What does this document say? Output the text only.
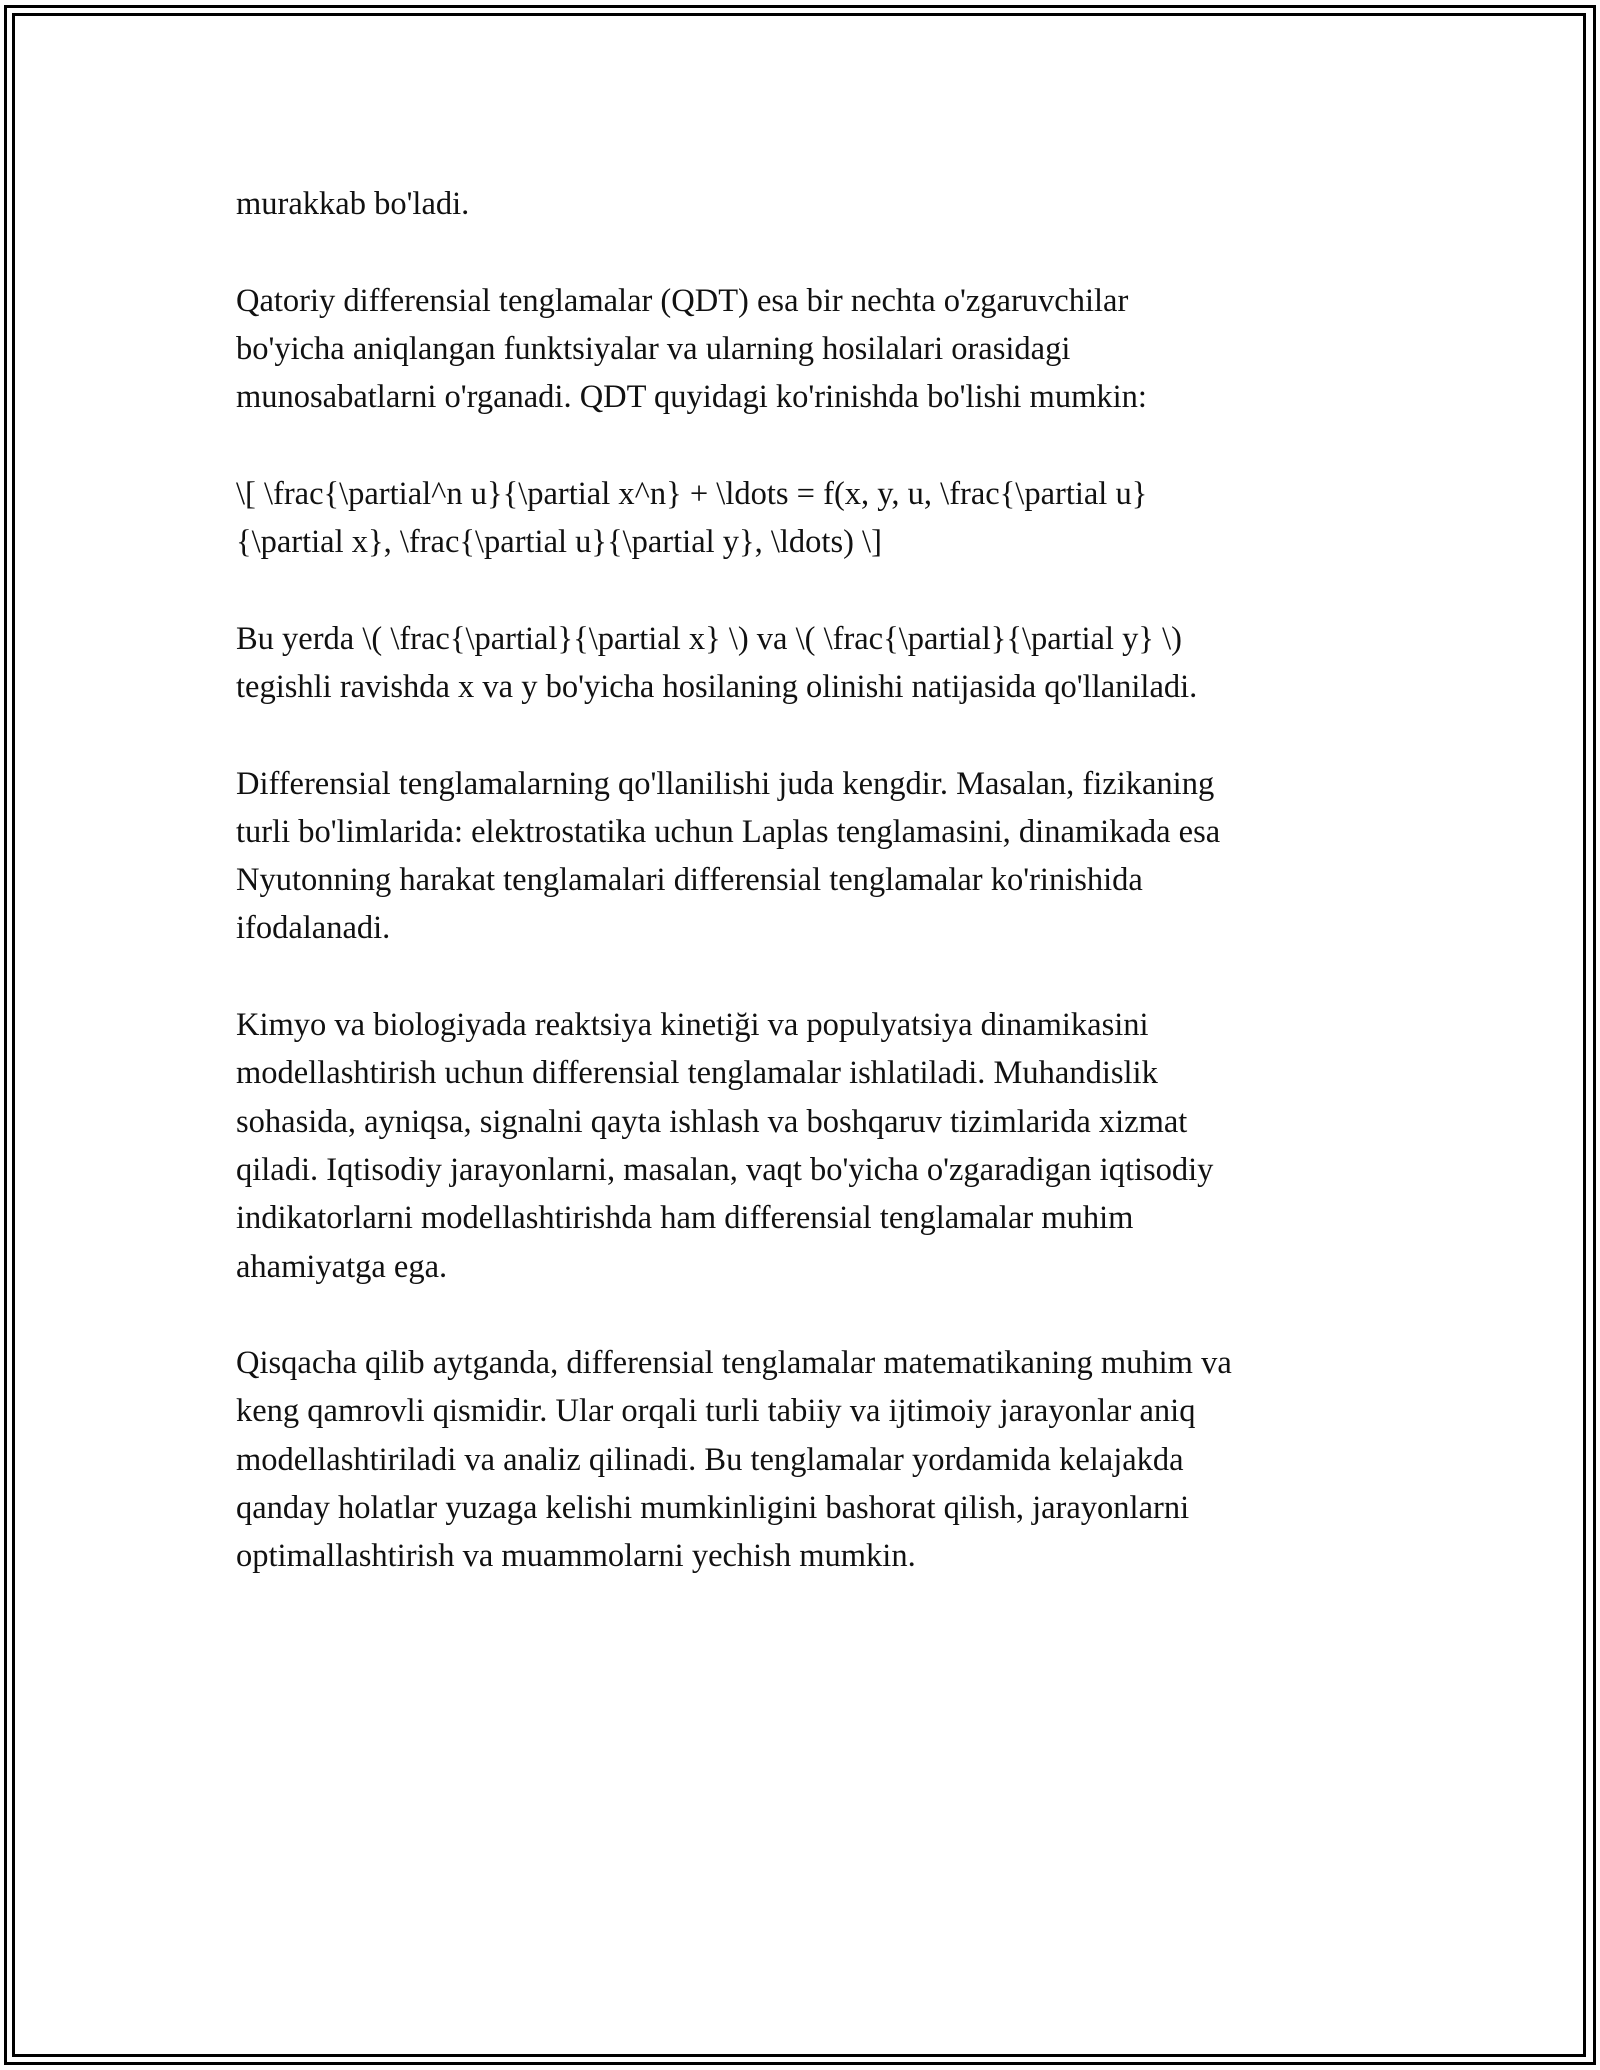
murakkab bo'ladi.

Qatoriy differensial tenglamalar (QDT) esa bir nechta o'zgaruvchilar
bo'yicha aniqlangan funktsiyalar va ularning hosilalari orasidagi
munosabatlarni o'rganadi. QDT quyidagi ko'rinishda bo'lishi mumkin:

\[ \frac{\partial^n u}{\partial x^n} + \ldots = f(x, y, u, \frac{\partial u}
{\partial x}, \frac{\partial u}{\partial y}, \ldots) \]

Bu yerda \( \frac{\partial}{\partial x} \) va \( \frac{\partial}{\partial y} \)
tegishli ravishda x va y bo'yicha hosilaning olinishi natijasida qo'llaniladi.

Differensial tenglamalarning qo'llanilishi juda kengdir. Masalan, fizikaning
turli bo'limlarida: elektrostatika uchun Laplas tenglamasini, dinamikada esa
Nyutonning harakat tenglamalari differensial tenglamalar ko'rinishida
ifodalanadi.

Kimyo va biologiyada reaktsiya kinetiği va populyatsiya dinamikasini
modellashtirish uchun differensial tenglamalar ishlatiladi. Muhandislik
sohasida, ayniqsa, signalni qayta ishlash va boshqaruv tizimlarida xizmat
qiladi. Iqtisodiy jarayonlarni, masalan, vaqt bo'yicha o'zgaradigan iqtisodiy
indikatorlarni modellashtirishda ham differensial tenglamalar muhim
ahamiyatga ega.

Qisqacha qilib aytganda, differensial tenglamalar matematikaning muhim va
keng qamrovli qismidir. Ular orqali turli tabiiy va ijtimoiy jarayonlar aniq
modellashtiriladi va analiz qilinadi. Bu tenglamalar yordamida kelajakda
qanday holatlar yuzaga kelishi mumkinligini bashorat qilish, jarayonlarni
optimallashtirish va muammolarni yechish mumkin.
